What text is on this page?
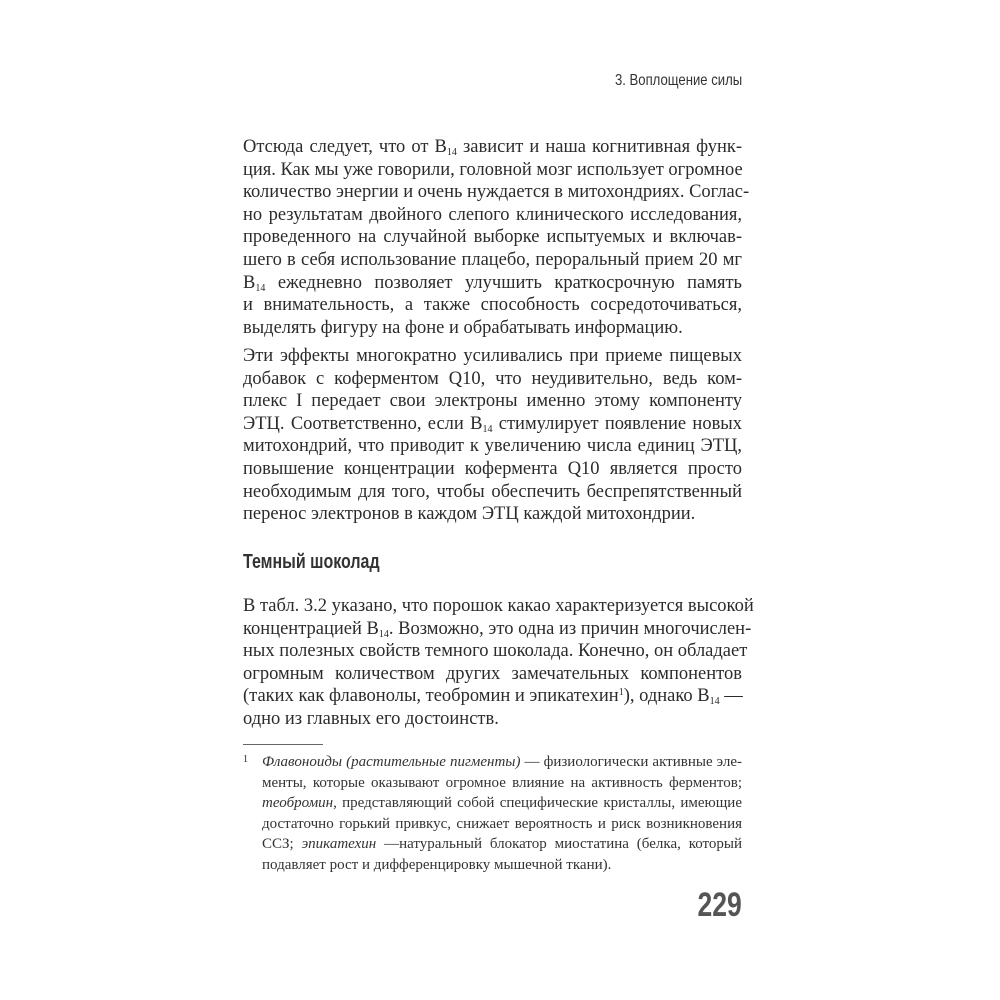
3. Воплощение силы
Отсюда следует, что от $B_{14}$ зависит и наша когнитивная функ-
ция. Как мы уже говорили, головной мозг использует огромное
количество энергии и очень нуждается в митохондриях. Соглас-
но результатам двойного слепого клинического исследования,
проведенного на случайной выборке испытуемых и включав-
шего в себя использование плацебо, пероральный прием 20 мг
$B_{14}$ ежедневно позволяет улучшить краткосрочную память
и внимательность, а также способность сосредоточиваться,
выделять фигуру на фоне и обрабатывать информацию.
Эти эффекты многократно усиливались при приеме пищевых
добавок с коферментом Q10, что неудивительно, ведь ком-
плекс I передает свои электроны именно этому компоненту
ЭТЦ. Соответственно, если $B_{14}$ стимулирует появление новых
митохондрий, что приводит к увеличению числа единиц ЭТЦ,
повышение концентрации кофермента Q10 является просто
необходимым для того, чтобы обеспечить беспрепятственный
перенос электронов в каждом ЭТЦ каждой митохондрии.
Темный шоколад
В табл. 3.2 указано, что порошок какао характеризуется высокой
концентрацией $B_{14}$. Возможно, это одна из причин многочислен-
ных полезных свойств темного шоколада. Конечно, он обладает
огромным количеством других замечательных компонентов
(таких как флавонолы, теобромин и эпикатехин$^1$), однако $B_{14}$ —
одно из главных его достоинств.
1 Флавоноиды (растительные пигменты) — физиологически активные эле-
менты, которые оказывают огромное влияние на активность ферментов;
теобромин, представляющий собой специфические кристаллы, имеющие
достаточно горький привкус, снижает вероятность и риск возникновения
ССЗ; эпикатехин —натуральный блокатор миостатина (белка, который
подавляет рост и дифференцировку мышечной ткани).
229
